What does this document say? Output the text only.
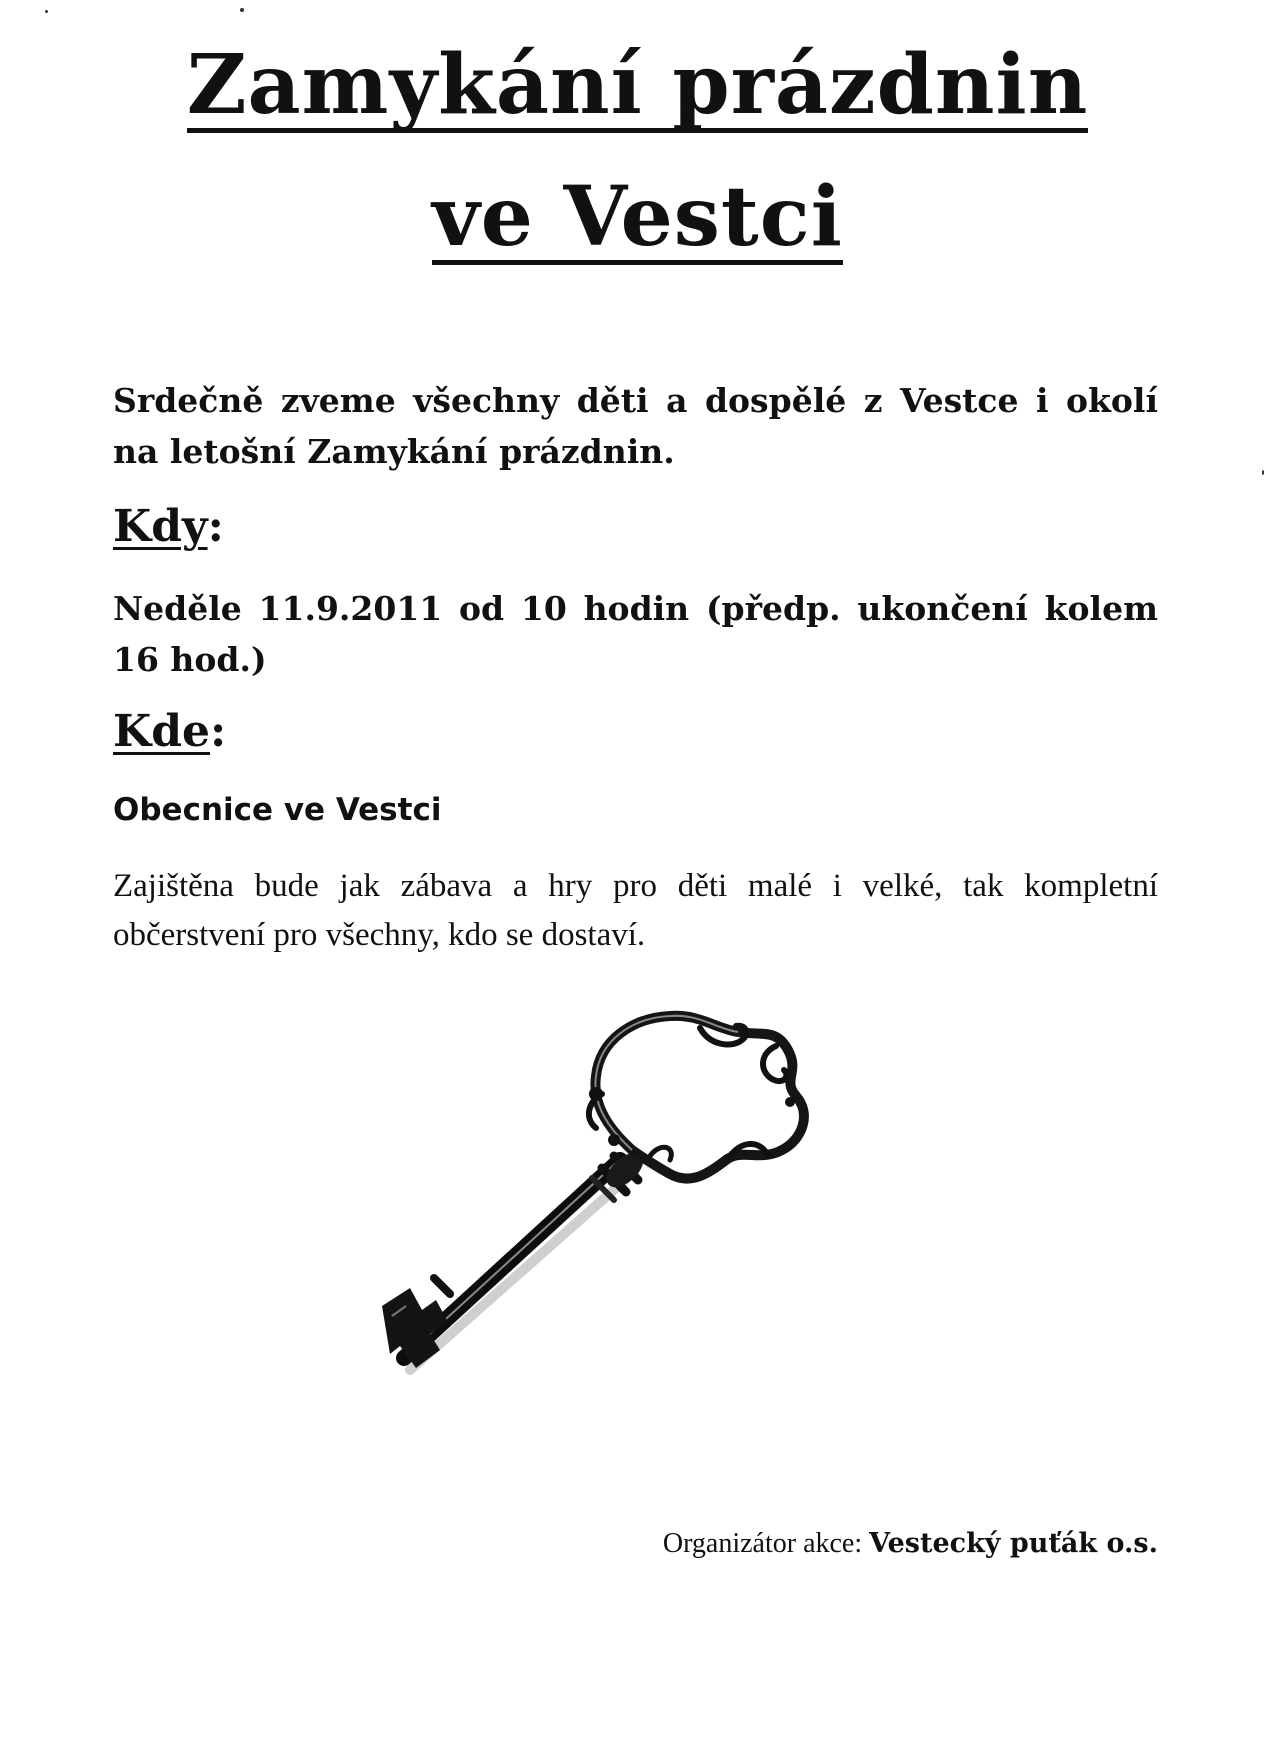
Zamykání prázdnin
ve Vestci

Srdečně zveme všechny děti a dospělé z Vestce i okolí na letošní Zamykání prázdnin.

Kdy:

Neděle 11.9.2011 od 10 hodin (předp. ukončení kolem 16 hod.)

Kde:

Obecnice ve Vestci

Zajištěna bude jak zábava a hry pro děti malé i velké, tak kompletní občerstvení pro všechny, kdo se dostaví.

Organizátor akce: Vestecký puťák o.s.
